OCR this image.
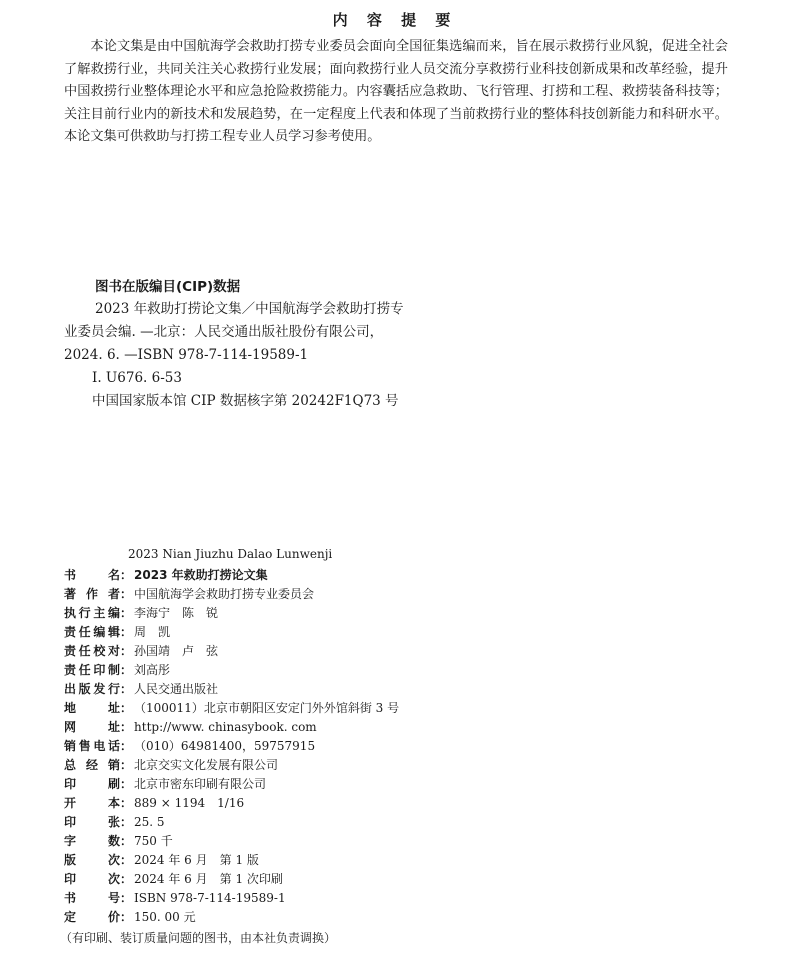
内 容 提 要

本论文集是由中国航海学会救助打捞专业委员会面向全国征集选编而来，旨在展示救捞行业风貌，促进全社会了解救捞行业，共同关注关心救捞行业发展；面向救捞行业人员交流分享救捞行业科技创新成果和改革经验，提升中国救捞行业整体理论水平和应急抢险救捞能力。内容囊括应急救助、飞行管理、打捞和工程、救捞装备科技等；关注目前行业内的新技术和发展趋势，在一定程度上代表和体现了当前救捞行业的整体科技创新能力和科研水平。本论文集可供救助与打捞工程专业人员学习参考使用。

图书在版编目(CIP)数据
2023 年救助打捞论文集／中国航海学会救助打捞专
业委员会编. —北京：人民交通出版社股份有限公司，
2024. 6. —ISBN 978-7-114-19589-1
Ⅰ. U676. 6-53
中国国家版本馆 CIP 数据核字第 20242F1Q73 号
2023 Nian Jiuzhu Dalao Lunwenji
书名 ： 2023 年救助打捞论文集
著作者 ： 中国航海学会救助打捞专业委员会
执行主编 ： 李海宁　陈　锐
责任编辑 ： 周　凯
责任校对 ： 孙国靖　卢　弦
责任印制 ： 刘高彤
出版发行 ： 人民交通出版社
地址 ： （100011）北京市朝阳区安定门外外馆斜街 3 号
网址 ： http://www. chinasybook. com
销售电话 ： （010）64981400，59757915
总经销 ： 北京交实文化发展有限公司
印刷 ： 北京市密东印刷有限公司
开本 ： 889 × 1194　1/16
印张 ： 25. 5
字数 ： 750 千
版次 ： 2024 年 6 月　第 1 版
印次 ： 2024 年 6 月　第 1 次印刷
书号 ： ISBN 978-7-114-19589-1
定价 ： 150. 00 元
（有印刷、装订质量问题的图书，由本社负责调换）
